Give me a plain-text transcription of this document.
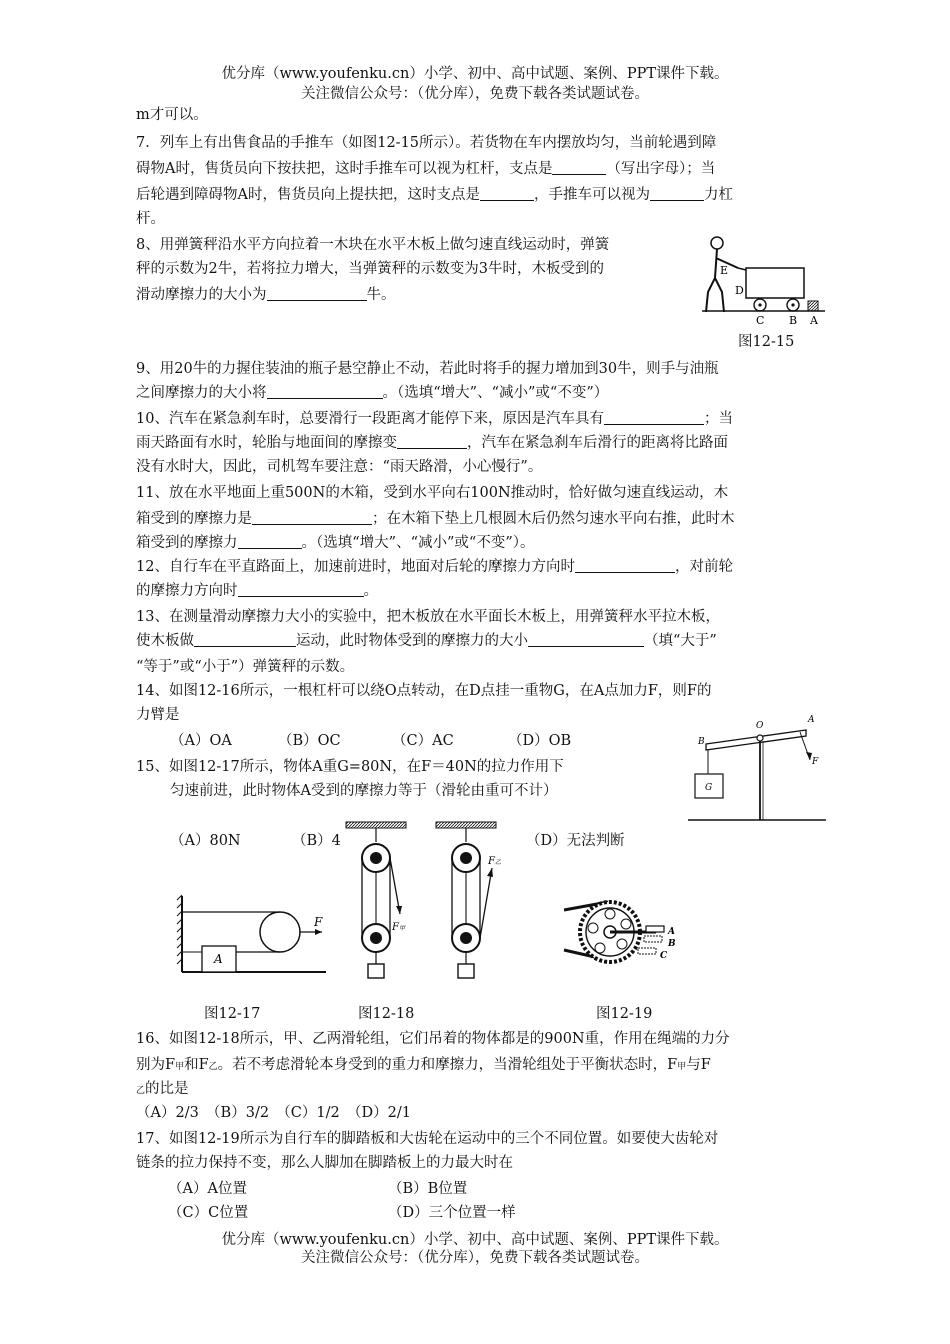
优分库（www.youfenku.cn）小学、初中、高中试题、案例、PPT课件下载。
关注微信公众号：（优分库），免费下载各类试题试卷。
m才可以。
7．列车上有出售食品的手推车（如图12-15所示）。若货物在车内摆放均匀，当前轮遇到障
碍物A时，售货员向下按扶把，这时手推车可以视为杠杆，支点是	（写出字母）；当
后轮遇到障碍物A时，售货员向上提扶把，这时支点是	，手推车可以视为	力杠
杆。
8、用弹簧秤沿水平方向拉着一木块在水平木板上做匀速直线运动时，弹簧
秤的示数为2牛，若将拉力增大，当弹簧秤的示数变为3牛时，木板受到的
滑动摩擦力的大小为	牛。
E
D
C B A
图12-15
9、用20牛的力握住装油的瓶子悬空静止不动，若此时将手的握力增加到30牛，则手与油瓶
之间摩擦力的大小将	。（选填“增大”、“减小”或“不变”）
10、汽车在紧急刹车时，总要滑行一段距离才能停下来，原因是汽车具有	；当
雨天路面有水时，轮胎与地面间的摩擦变	，汽车在紧急刹车后滑行的距离将比路面
没有水时大，因此，司机驾车要注意：“雨天路滑，小心慢行”。
11、放在水平地面上重500N的木箱，受到水平向右100N推动时，恰好做匀速直线运动，木
箱受到的摩擦力是	；在木箱下垫上几根圆木后仍然匀速水平向右推，此时木
箱受到的摩擦力	。（选填“增大”、“减小”或“不变”）。
12、自行车在平直路面上，加速前进时，地面对后轮的摩擦力方向时	，对前轮
的摩擦力方向时	。
13、在测量滑动摩擦力大小的实验中，把木板放在水平面长木板上，用弹簧秤水平拉木板，
使木板做	运动，此时物体受到的摩擦力的大小	（填“大于”
“等于”或“小于”）弹簧秤的示数。
14、如图12-16所示，一根杠杆可以绕O点转动，在D点挂一重物G，在A点加力F，则F的
力臂是
（A）OA	（B）OC	（C）AC	（D）OB
O
A
B
F
G
15、如图12-17所示，物体A重G=80N，在F＝40N的拉力作用下
匀速前进，此时物体A受到的摩擦力等于（滑轮由重可不计）
（A）80N	（B）4	（D）无法判断
A
F
图12-17
F甲
F乙
图12-18
A
B
C
图12-19
16、如图12-18所示，甲、乙两滑轮组，它们吊着的物体都是的900N重，作用在绳端的力分
别为F甲和F乙。若不考虑滑轮本身受到的重力和摩擦力，当滑轮组处于平衡状态时，F甲与F
乙的比是
（A）2/3　（B）3/2　（C）1/2　（D）2/1
17、如图12-19所示为自行车的脚踏板和大齿轮在运动中的三个不同位置。如要使大齿轮对
链条的拉力保持不变，那么人脚加在脚踏板上的力最大时在
（A）A位置	（B）B位置
（C）C位置	（D）三个位置一样
优分库（www.youfenku.cn）小学、初中、高中试题、案例、PPT课件下载。
关注微信公众号：（优分库），免费下载各类试题试卷。
